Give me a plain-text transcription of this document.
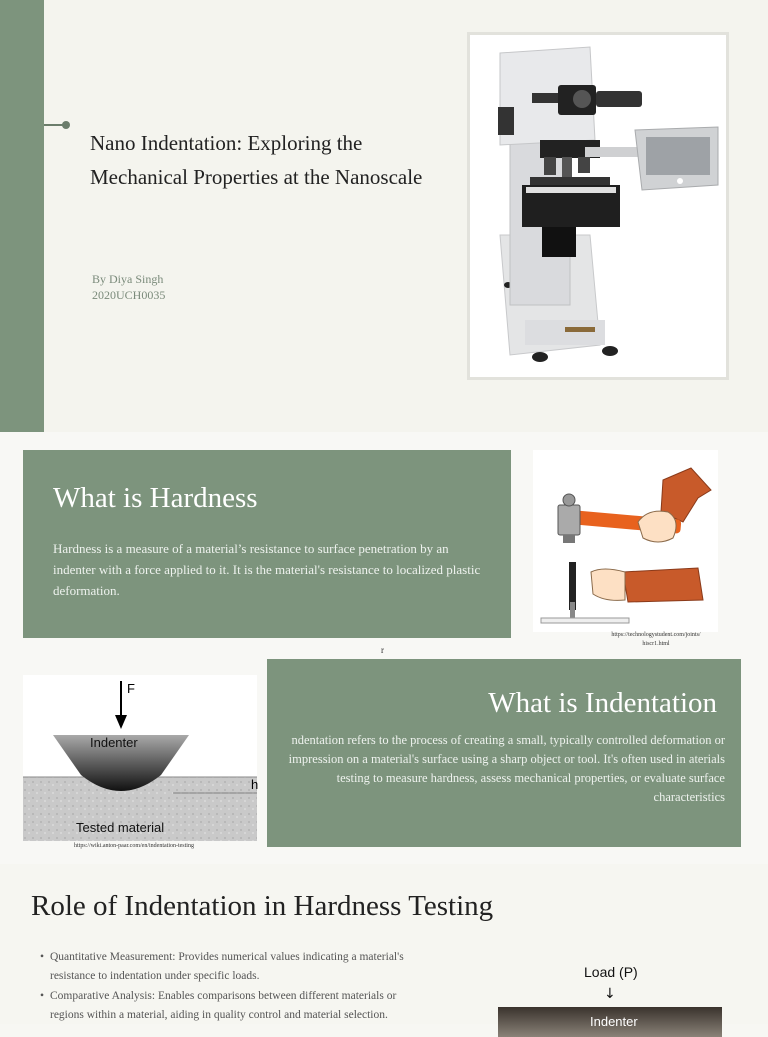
Nano Indentation: Exploring the Mechanical Properties at the Nanoscale
By Diya Singh
2020UCH0035
What is Hardness
Hardness is a measure of a material’s resistance to surface penetration by an indenter with a force applied to it. It is the material's resistance to localized plastic deformation.
https://technologystudent.com/joints/ hiscr1.html
r
What is Indentation
ndentation refers to the process of creating a small, typically controlled deformation or impression on a material's surface using a sharp object or tool. It's often used in aterials testing to measure hardness, assess mechanical properties, or evaluate surface characteristics
F
Indenter
h
Tested material
https://wiki.anton-paar.com/en/indentation-testing
Role of Indentation in Hardness Testing
• Quantitative Measurement: Provides numerical values indicating a material's resistance to indentation under specific loads.
• Comparative Analysis: Enables comparisons between different materials or regions within a material, aiding in quality control and material selection.
Load (P)
↓
Indenter
